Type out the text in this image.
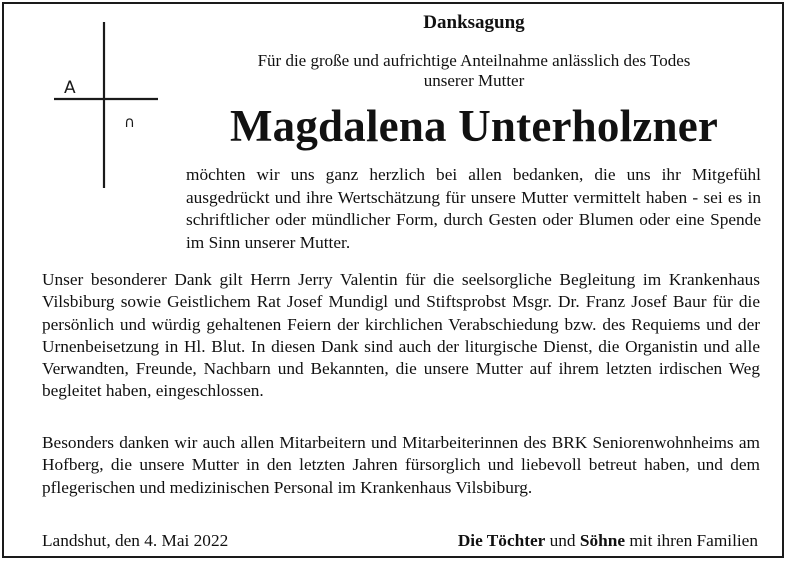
A
∩

Danksagung

Für die große und aufrichtige Anteilnahme anlässlich des Todes
unserer Mutter

Magdalena Unterholzner

möchten wir uns ganz herzlich bei allen bedanken, die uns ihr Mitgefühl ausgedrückt und ihre Wertschätzung für unsere Mutter vermittelt haben - sei es in schriftlicher oder mündlicher Form, durch Gesten oder Blumen oder eine Spende im Sinn unserer Mutter.

Unser besonderer Dank gilt Herrn Jerry Valentin für die seelsorgliche Begleitung im Krankenhaus Vilsbiburg sowie Geistlichem Rat Josef Mundigl und Stiftsprobst Msgr. Dr. Franz Josef Baur für die persönlich und würdig gehaltenen Feiern der kirchlichen Verabschiedung bzw. des Requiems und der Urnenbeisetzung in Hl. Blut. In diesen Dank sind auch der liturgische Dienst, die Organistin und alle Verwandten, Freunde, Nachbarn und Bekannten, die unsere Mutter auf ihrem letzten irdischen Weg begleitet haben, eingeschlossen.

Besonders danken wir auch allen Mitarbeitern und Mitarbeiterinnen des BRK Seniorenwohnheims am Hofberg, die unsere Mutter in den letzten Jahren fürsorglich und liebevoll betreut haben, und dem pflegerischen und medizinischen Personal im Krankenhaus Vilsbiburg.

Landshut, den 4. Mai 2022	Die Töchter und Söhne mit ihren Familien
